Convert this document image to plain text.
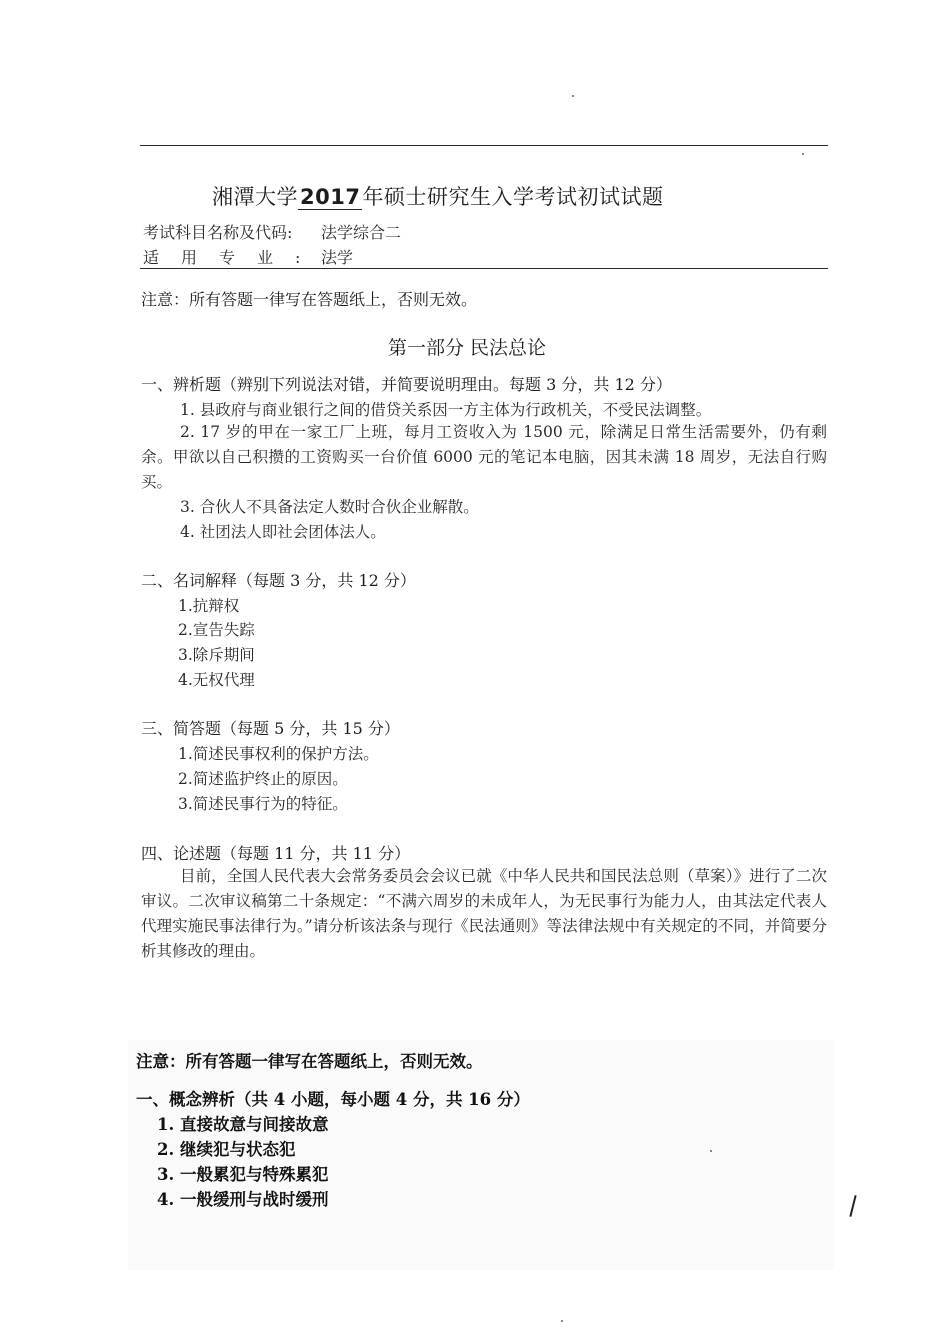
湘潭大学2017年硕士研究生入学考试初试试题
考试科目名称及代码: 法学综合二
适用专业:法学
注意：所有答题一律写在答题纸上，否则无效。
第一部分 民法总论
一、辨析题（辨别下列说法对错，并简要说明理由。每题 3 分，共 12 分）
1. 县政府与商业银行之间的借贷关系因一方主体为行政机关，不受民法调整。
2. 17 岁的甲在一家工厂上班，每月工资收入为 1500 元，除满足日常生活需要外，仍有剩余。甲欲以自己积攒的工资购买一台价值 6000 元的笔记本电脑，因其未满 18 周岁，无法自行购买。
3. 合伙人不具备法定人数时合伙企业解散。
4. 社团法人即社会团体法人。
二、名词解释（每题 3 分，共 12 分）
1.抗辩权
2.宣告失踪
3.除斥期间
4.无权代理
三、简答题（每题 5 分，共 15 分）
1.简述民事权利的保护方法。
2.简述监护终止的原因。
3.简述民事行为的特征。
四、论述题（每题 11 分，共 11 分）
目前，全国人民代表大会常务委员会会议已就《中华人民共和国民法总则（草案）》进行了二次审议。二次审议稿第二十条规定：“不满六周岁的未成年人，为无民事行为能力人，由其法定代表人代理实施民事法律行为。”请分析该法条与现行《民法通则》等法律法规中有关规定的不同，并简要分析其修改的理由。
注意：所有答题一律写在答题纸上，否则无效。
一、概念辨析（共 4 小题，每小题 4 分，共 16 分）
1. 直接故意与间接故意
2. 继续犯与状态犯
3. 一般累犯与特殊累犯
4. 一般缓刑与战时缓刑
